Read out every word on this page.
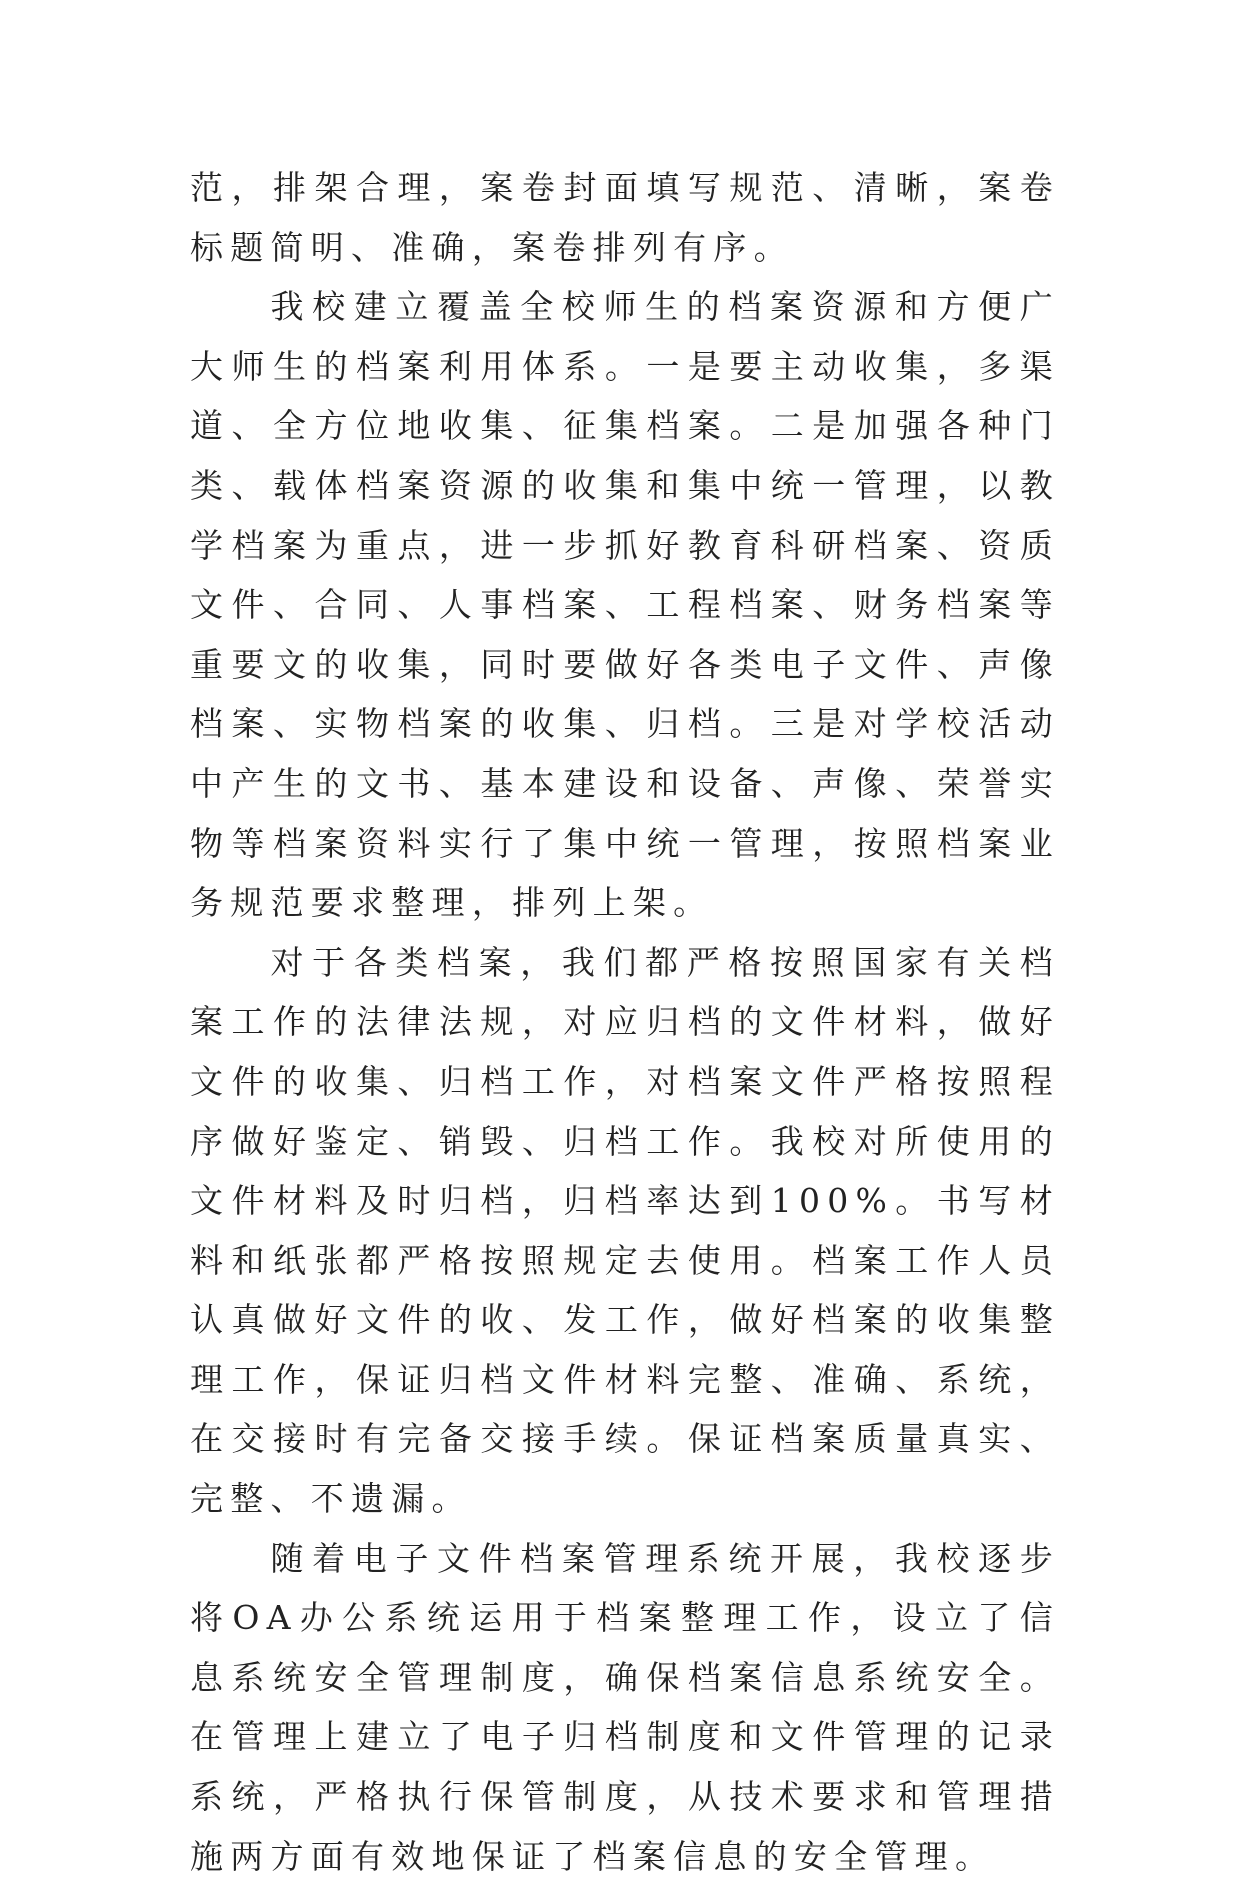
范，排架合理，案卷封面填写规范、清晰，案卷标题简明、准确，案卷排列有序。

我校建立覆盖全校师生的档案资源和方便广大师生的档案利用体系。一是要主动收集，多渠道、全方位地收集、征集档案。二是加强各种门类、载体档案资源的收集和集中统一管理，以教学档案为重点，进一步抓好教育科研档案、资质文件、合同、人事档案、工程档案、财务档案等重要文的收集，同时要做好各类电子文件、声像档案、实物档案的收集、归档。三是对学校活动中产生的文书、基本建设和设备、声像、荣誉实物等档案资料实行了集中统一管理，按照档案业务规范要求整理，排列上架。

对于各类档案，我们都严格按照国家有关档案工作的法律法规，对应归档的文件材料，做好文件的收集、归档工作，对档案文件严格按照程序做好鉴定、销毁、归档工作。我校对所使用的文件材料及时归档，归档率达到100%。书写材料和纸张都严格按照规定去使用。档案工作人员认真做好文件的收、发工作，做好档案的收集整理工作，保证归档文件材料完整、准确、系统，在交接时有完备交接手续。保证档案质量真实、完整、不遗漏。

随着电子文件档案管理系统开展，我校逐步将OA办公系统运用于档案整理工作，设立了信息系统安全管理制度，确保档案信息系统安全。在管理上建立了电子归档制度和文件管理的记录系统，严格执行保管制度，从技术要求和管理措施两方面有效地保证了档案信息的安全管理。
